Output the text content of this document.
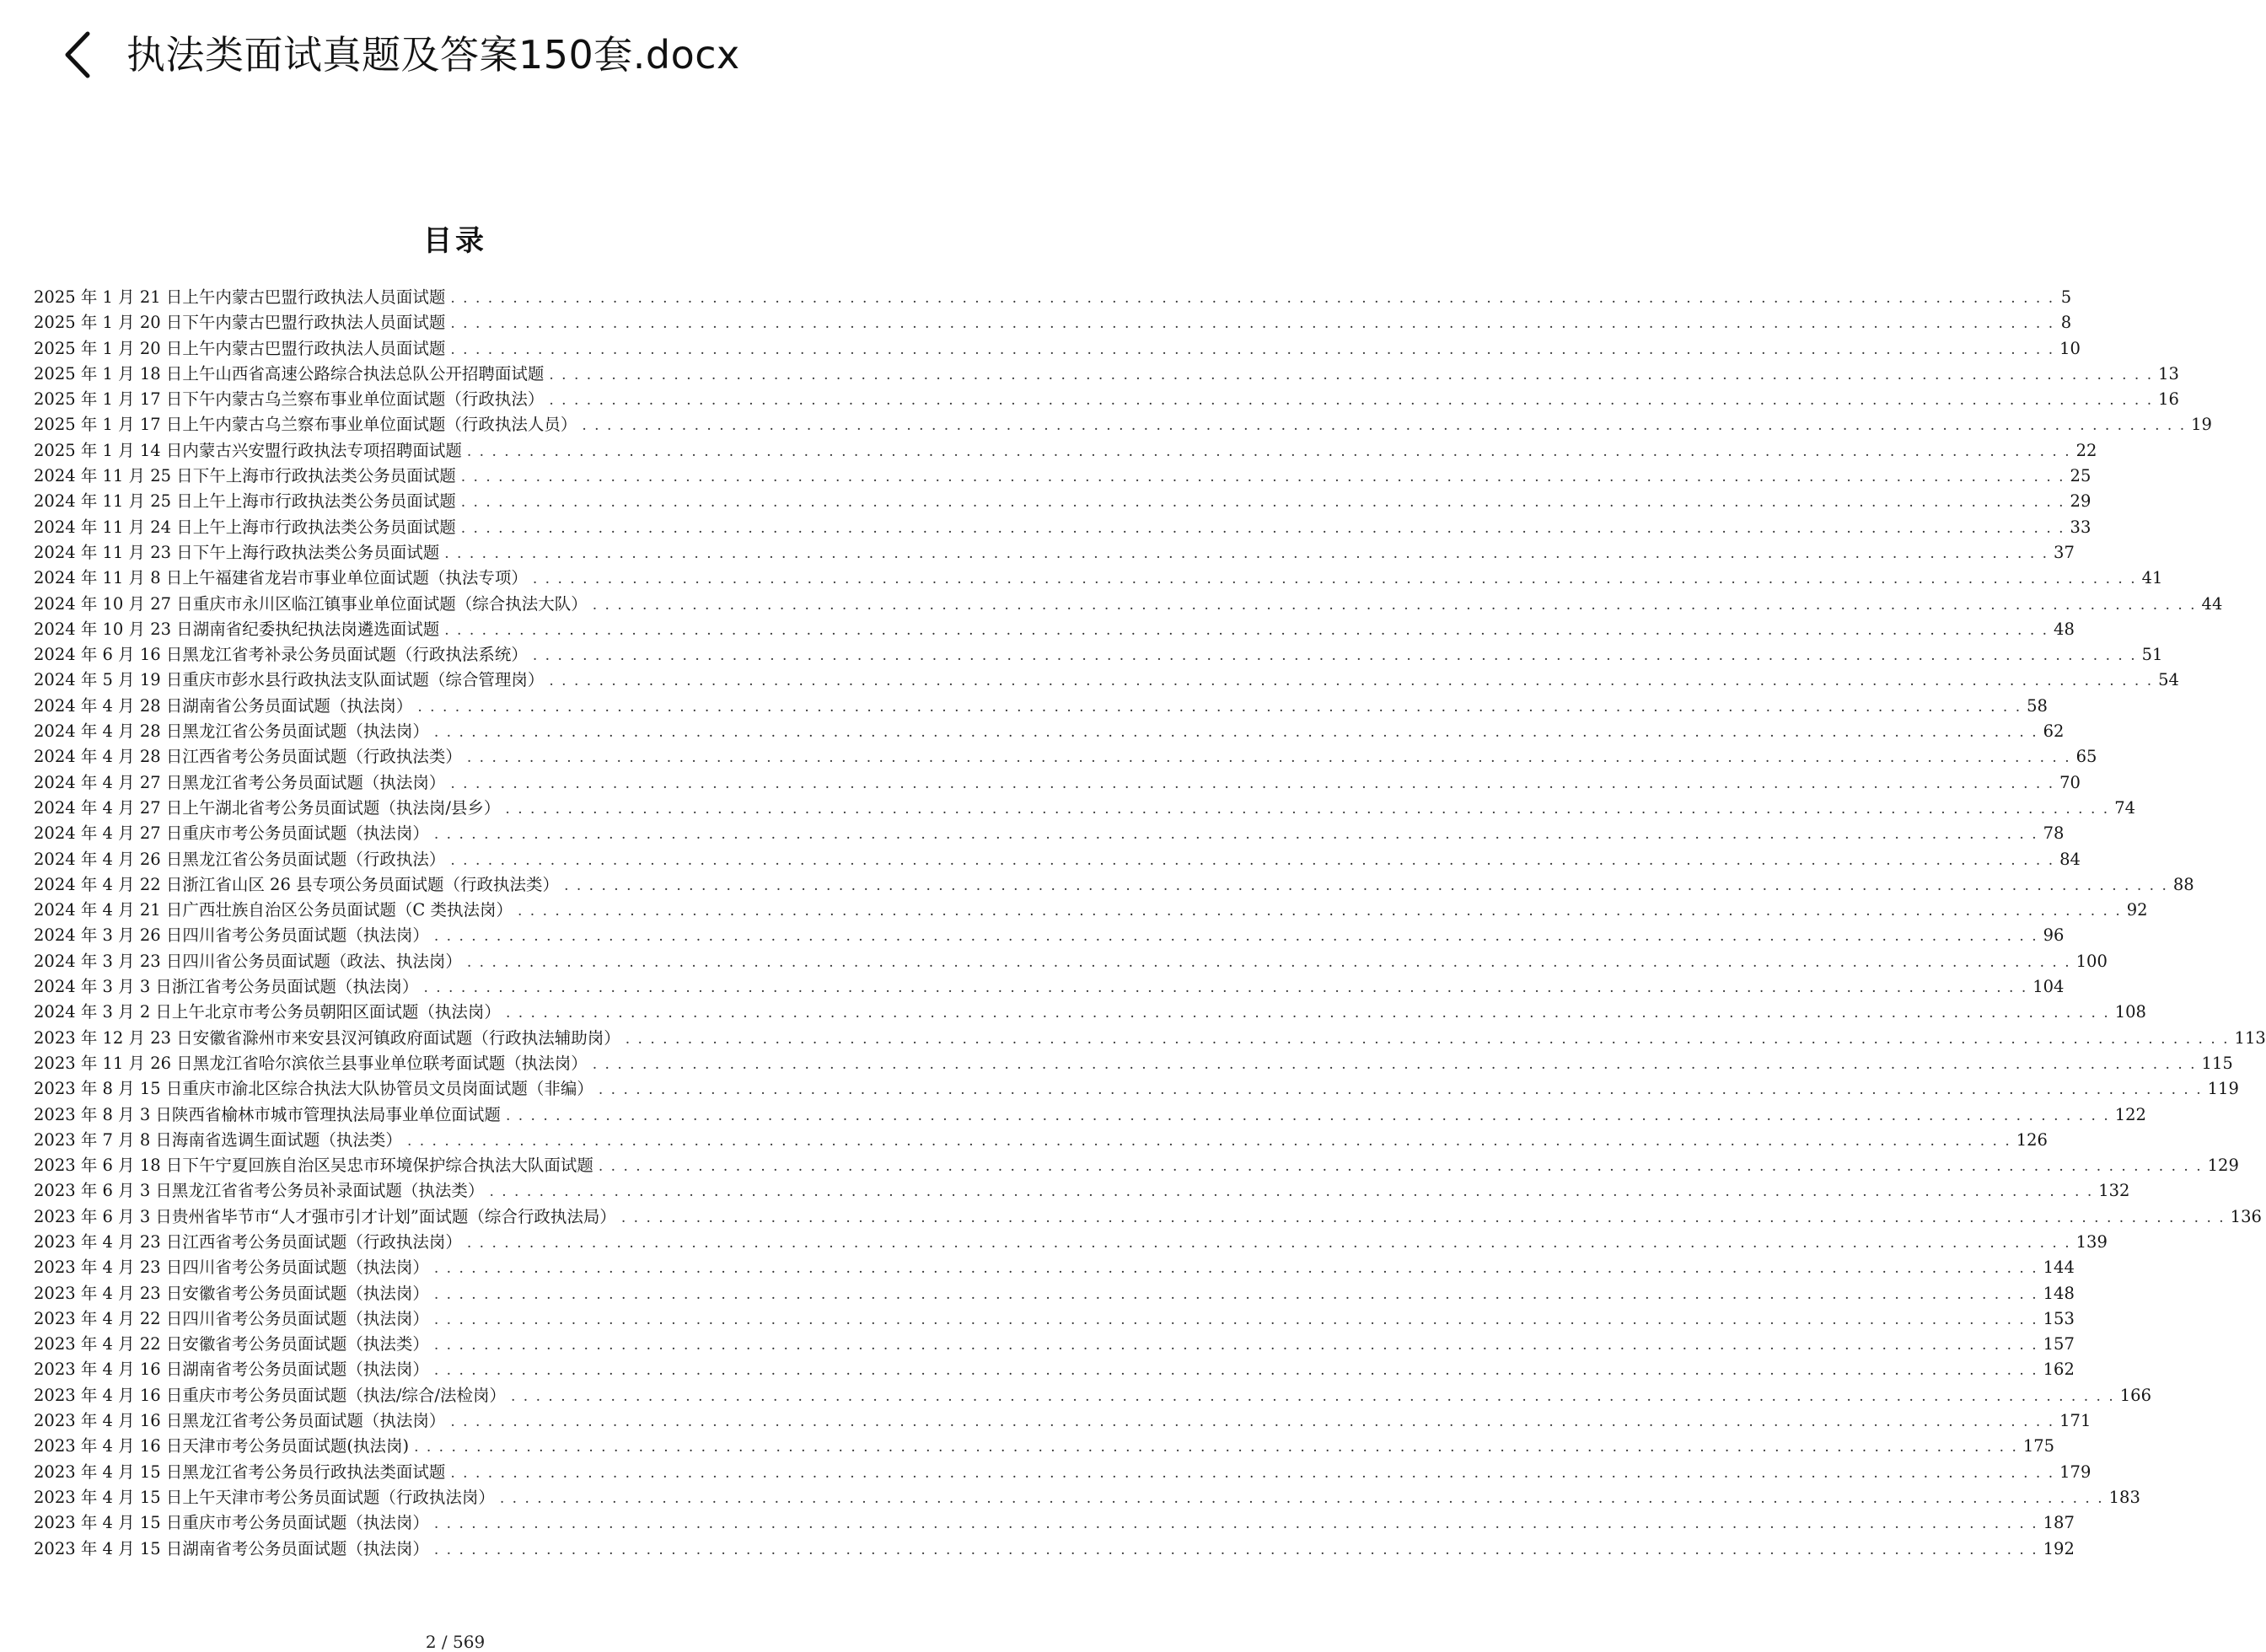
执法类面试真题及答案150套.docx
目录
2025 年 1 月 21 日上午内蒙古巴盟行政执法人员面试题 . . .	5
2025 年 1 月 20 日下午内蒙古巴盟行政执法人员面试题 . . .	8
2025 年 1 月 20 日上午内蒙古巴盟行政执法人员面试题 . . .	10
2025 年 1 月 18 日上午山西省高速公路综合执法总队公开招聘面试题 . . .	13
2025 年 1 月 17 日下午内蒙古乌兰察布事业单位面试题（行政执法） . . .	16
2025 年 1 月 17 日上午内蒙古乌兰察布事业单位面试题（行政执法人员） . . .	19
2025 年 1 月 14 日内蒙古兴安盟行政执法专项招聘面试题 . . .	22
2024 年 11 月 25 日下午上海市行政执法类公务员面试题 . . .	25
2024 年 11 月 25 日上午上海市行政执法类公务员面试题 . . .	29
2024 年 11 月 24 日上午上海市行政执法类公务员面试题 . . .	33
2024 年 11 月 23 日下午上海行政执法类公务员面试题 . . .	37
2024 年 11 月 8 日上午福建省龙岩市事业单位面试题（执法专项） . . .	41
2024 年 10 月 27 日重庆市永川区临江镇事业单位面试题（综合执法大队） . . .	44
2024 年 10 月 23 日湖南省纪委执纪执法岗遴选面试题 . . .	48
2024 年 6 月 16 日黑龙江省考补录公务员面试题（行政执法系统） . . .	51
2024 年 5 月 19 日重庆市彭水县行政执法支队面试题（综合管理岗） . . .	54
2024 年 4 月 28 日湖南省公务员面试题（执法岗） . . .	58
2024 年 4 月 28 日黑龙江省公务员面试题（执法岗） . . .	62
2024 年 4 月 28 日江西省考公务员面试题（行政执法类） . . .	65
2024 年 4 月 27 日黑龙江省考公务员面试题（执法岗） . . .	70
2024 年 4 月 27 日上午湖北省考公务员面试题（执法岗/县乡） . . .	74
2024 年 4 月 27 日重庆市考公务员面试题（执法岗） . . .	78
2024 年 4 月 26 日黑龙江省公务员面试题（行政执法） . . .	84
2024 年 4 月 22 日浙江省山区 26 县专项公务员面试题（行政执法类） . . .	88
2024 年 4 月 21 日广西壮族自治区公务员面试题（C 类执法岗） . . .	92
2024 年 3 月 26 日四川省考公务员面试题（执法岗） . . .	96
2024 年 3 月 23 日四川省公务员面试题（政法、执法岗） . . .	100
2024 年 3 月 3 日浙江省考公务员面试题（执法岗） . . .	104
2024 年 3 月 2 日上午北京市考公务员朝阳区面试题（执法岗） . . .	108
2023 年 12 月 23 日安徽省滁州市来安县汊河镇政府面试题（行政执法辅助岗） . . .	113
2023 年 11 月 26 日黑龙江省哈尔滨依兰县事业单位联考面试题（执法岗） . . .	115
2023 年 8 月 15 日重庆市渝北区综合执法大队协管员文员岗面试题（非编） . . .	119
2023 年 8 月 3 日陕西省榆林市城市管理执法局事业单位面试题 . . .	122
2023 年 7 月 8 日海南省选调生面试题（执法类） . . .	126
2023 年 6 月 18 日下午宁夏回族自治区吴忠市环境保护综合执法大队面试题 . . .	129
2023 年 6 月 3 日黑龙江省省考公务员补录面试题（执法类） . . .	132
2023 年 6 月 3 日贵州省毕节市“人才强市引才计划”面试题（综合行政执法局） . . .	136
2023 年 4 月 23 日江西省考公务员面试题（行政执法岗） . . .	139
2023 年 4 月 23 日四川省考公务员面试题（执法岗） . . .	144
2023 年 4 月 23 日安徽省考公务员面试题（执法岗） . . .	148
2023 年 4 月 22 日四川省考公务员面试题（执法岗） . . .	153
2023 年 4 月 22 日安徽省考公务员面试题（执法类） . . .	157
2023 年 4 月 16 日湖南省考公务员面试题（执法岗） . . .	162
2023 年 4 月 16 日重庆市考公务员面试题（执法/综合/法检岗） . . .	166
2023 年 4 月 16 日黑龙江省考公务员面试题（执法岗） . . .	171
2023 年 4 月 16 日天津市考公务员面试题(执法岗) . . .	175
2023 年 4 月 15 日黑龙江省考公务员行政执法类面试题 . . .	179
2023 年 4 月 15 日上午天津市考公务员面试题（行政执法岗） . . .	183
2023 年 4 月 15 日重庆市考公务员面试题（执法岗） . . .	187
2023 年 4 月 15 日湖南省考公务员面试题（执法岗） . . .	192
2 / 569
